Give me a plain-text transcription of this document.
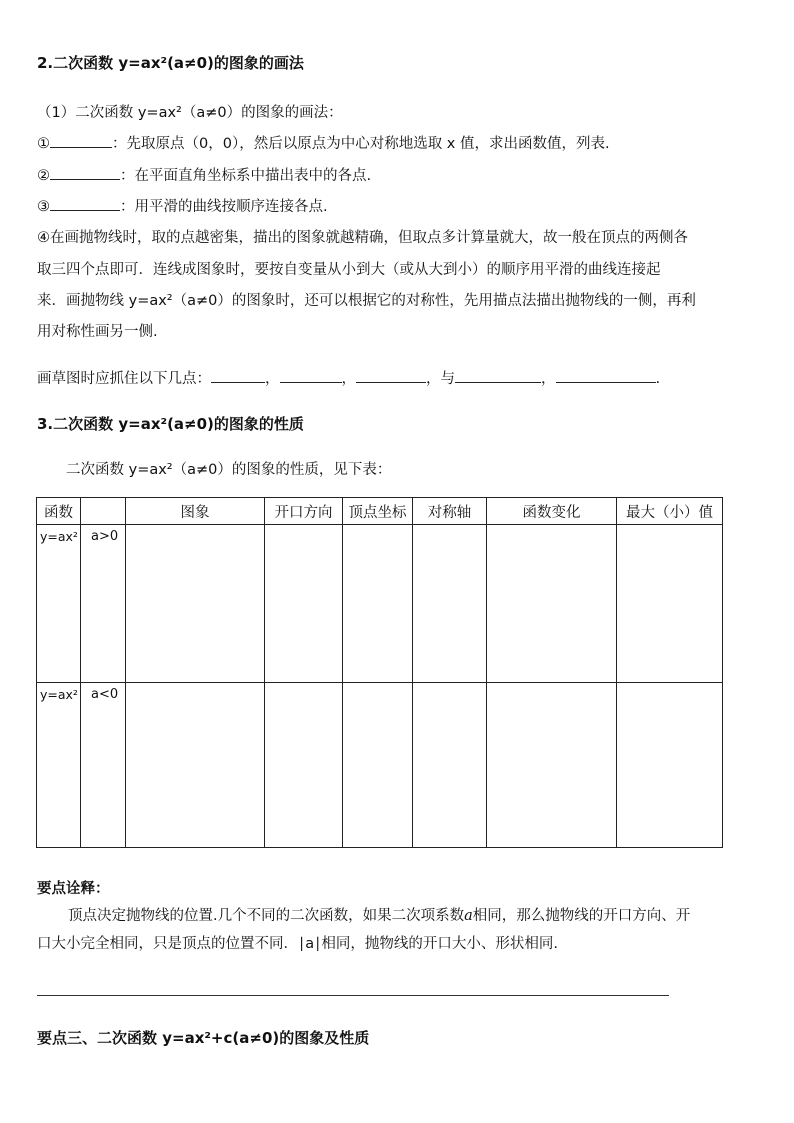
2.二次函数 y=ax²(a≠0)的图象的画法
（1）二次函数 y=ax²（a≠0）的图象的画法：
①	：先取原点（0，0），然后以原点为中心对称地选取 x 值，求出函数值，列表.
②	：在平面直角坐标系中描出表中的各点.
③	：用平滑的曲线按顺序连接各点.
④在画抛物线时，取的点越密集，描出的图象就越精确，但取点多计算量就大，故一般在顶点的两侧各
取三四个点即可．连线成图象时，要按自变量从小到大（或从大到小）的顺序用平滑的曲线连接起
来．画抛物线 y=ax²（a≠0）的图象时，还可以根据它的对称性，先用描点法描出抛物线的一侧，再利
用对称性画另一侧.
画草图时应抓住以下几点：	，	，	，与	，	.
3.二次函数 y=ax²(a≠0)的图象的性质
二次函数 y=ax²（a≠0）的图象的性质，见下表：
函数		图象	开口方向	顶点坐标	对称轴	函数变化	最大（小）值
y=ax²	a>0						
y=ax²	a<0						
要点诠释：
顶点决定抛物线的位置.几个不同的二次函数，如果二次项系数a相同，那么抛物线的开口方向、开
口大小完全相同，只是顶点的位置不同．∣a∣相同，抛物线的开口大小、形状相同.
要点三、二次函数 y=ax²+c(a≠0)的图象及性质
